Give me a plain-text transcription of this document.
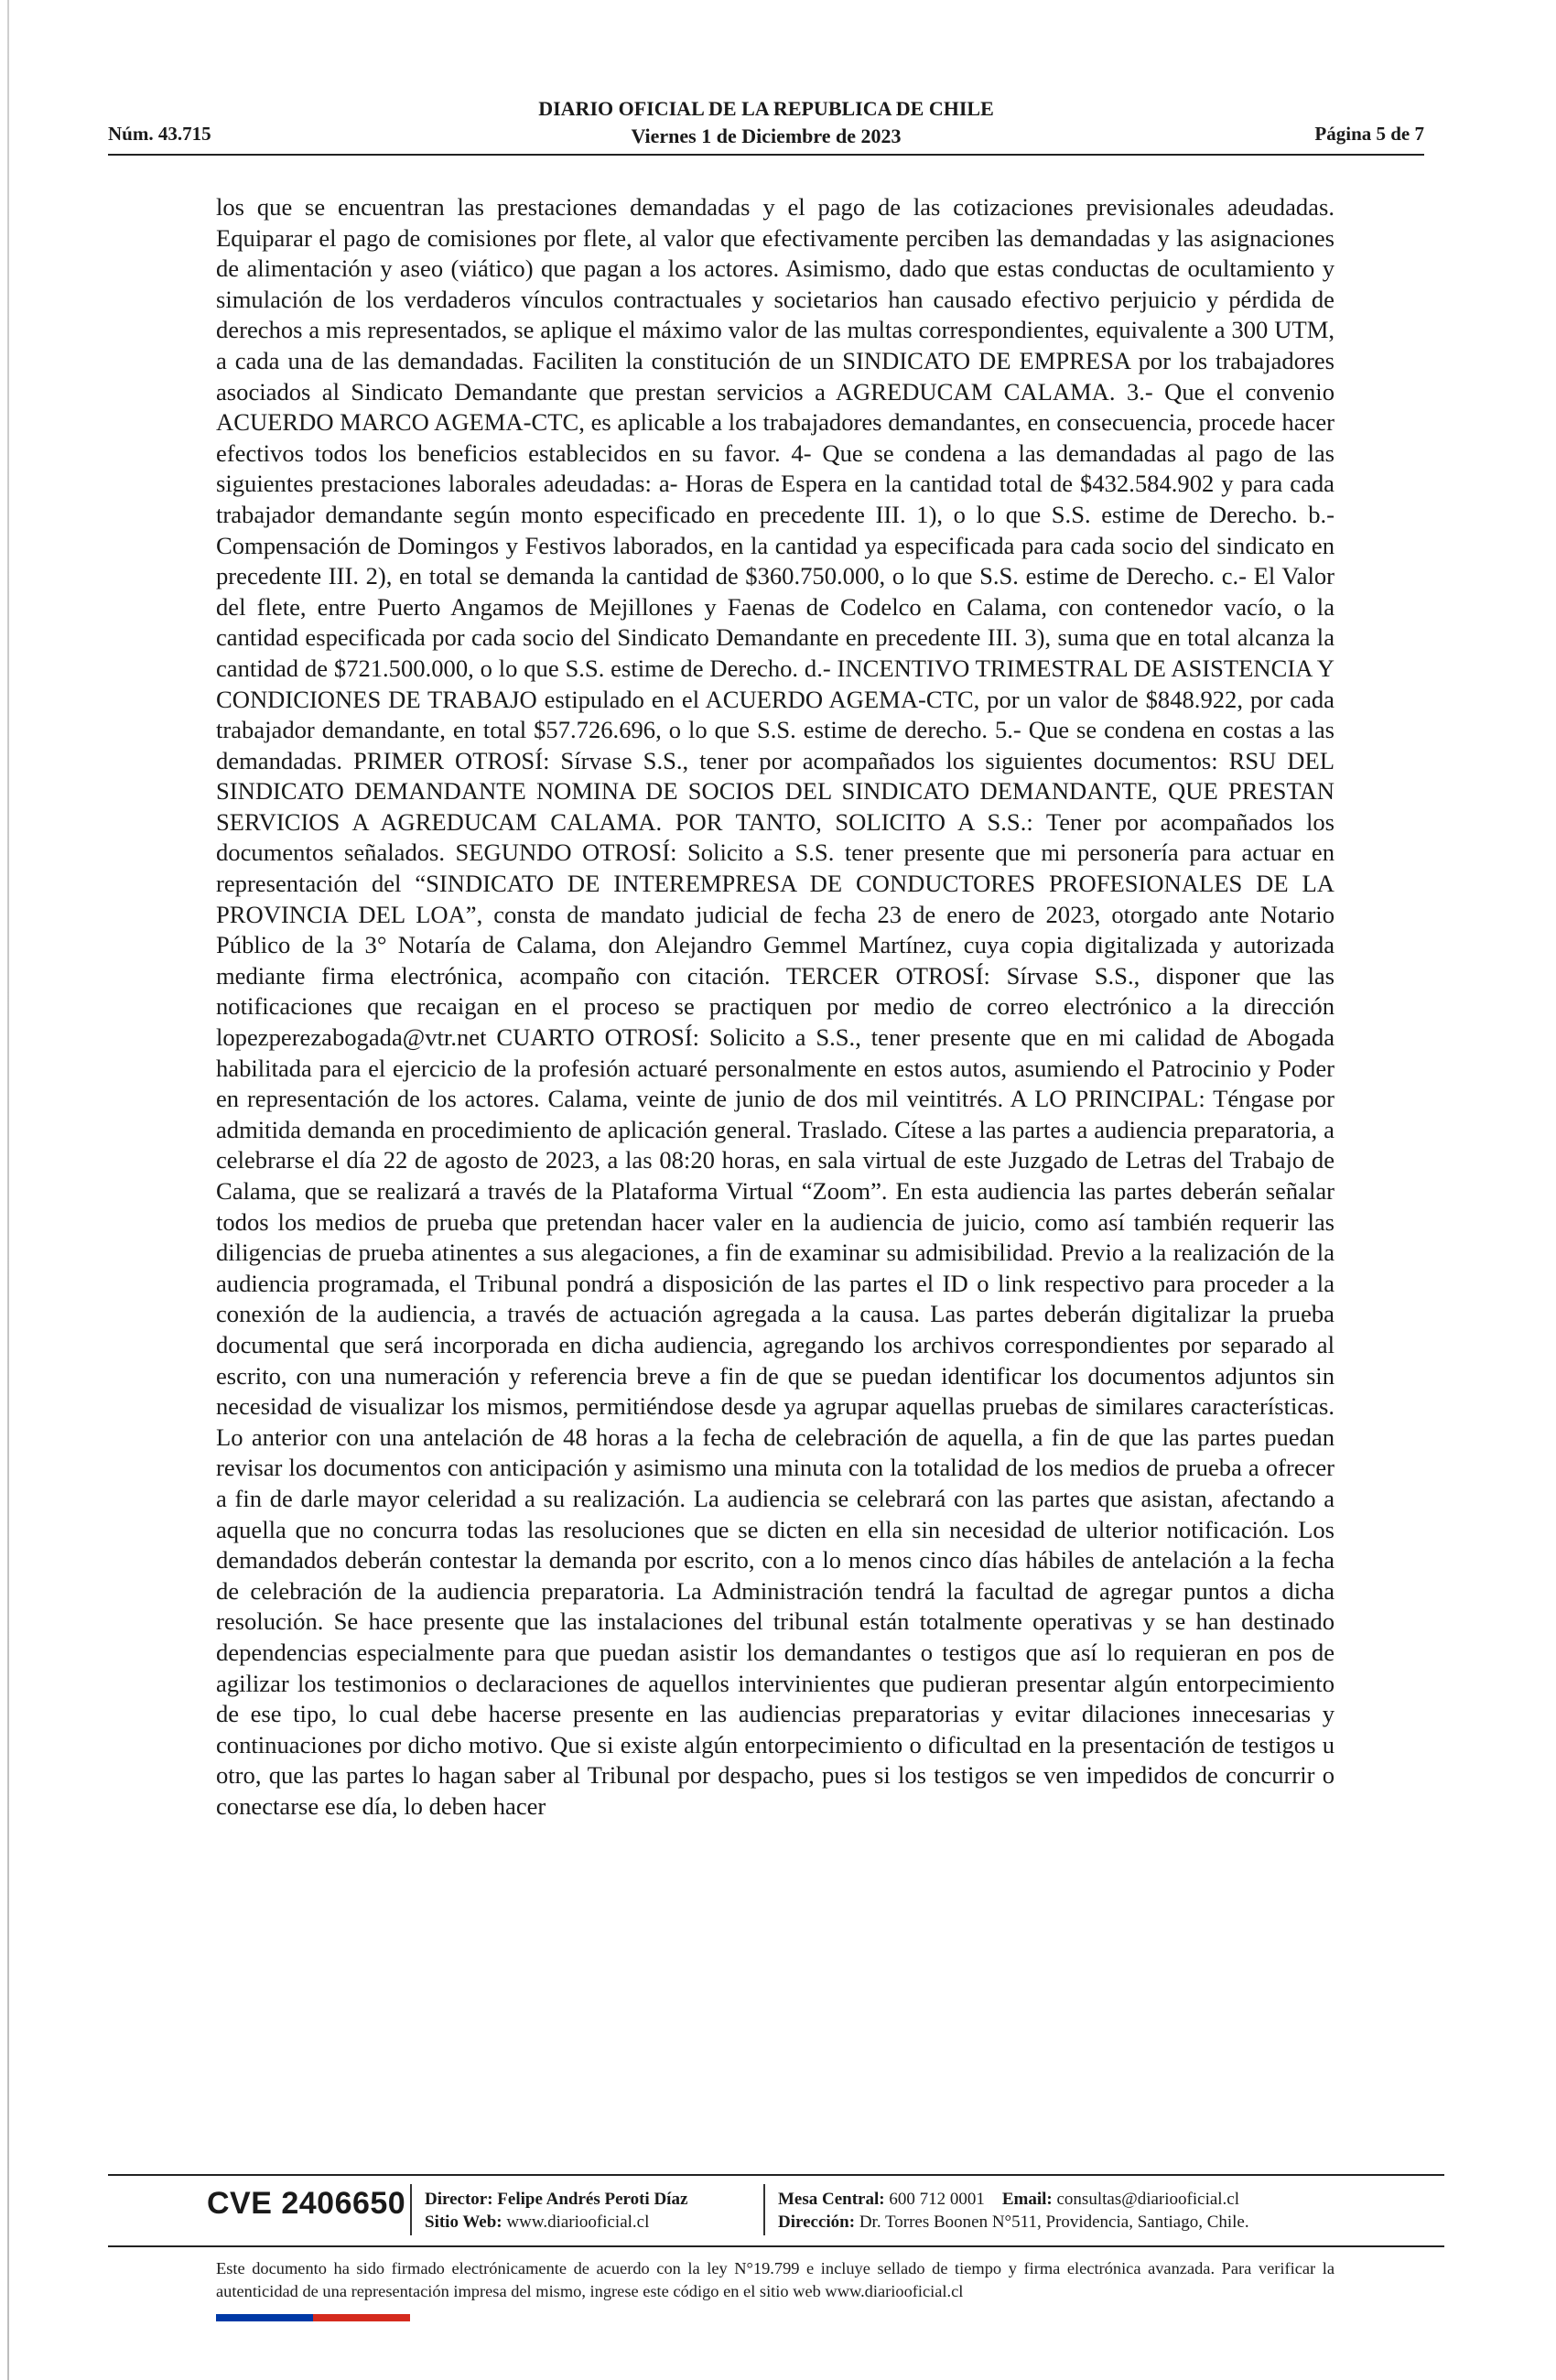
Núm. 43.715
DIARIO OFICIAL DE LA REPUBLICA DE CHILE
Viernes 1 de Diciembre de 2023	Página 5 de 7
los que se encuentran las prestaciones demandadas y el pago de las cotizaciones previsionales adeudadas. Equiparar el pago de comisiones por flete, al valor que efectivamente perciben las demandadas y las asignaciones de alimentación y aseo (viático) que pagan a los actores. Asimismo, dado que estas conductas de ocultamiento y simulación de los verdaderos vínculos contractuales y societarios han causado efectivo perjuicio y pérdida de derechos a mis representados, se aplique el máximo valor de las multas correspondientes, equivalente a 300 UTM, a cada una de las demandadas. Faciliten la constitución de un SINDICATO DE EMPRESA por los trabajadores asociados al Sindicato Demandante que prestan servicios a AGREDUCAM CALAMA. 3.- Que el convenio ACUERDO MARCO AGEMA-CTC, es aplicable a los trabajadores demandantes, en consecuencia, procede hacer efectivos todos los beneficios establecidos en su favor. 4- Que se condena a las demandadas al pago de las siguientes prestaciones laborales adeudadas: a- Horas de Espera en la cantidad total de $432.584.902 y para cada trabajador demandante según monto especificado en precedente III. 1), o lo que S.S. estime de Derecho. b.- Compensación de Domingos y Festivos laborados, en la cantidad ya especificada para cada socio del sindicato en precedente III. 2), en total se demanda la cantidad de $360.750.000, o lo que S.S. estime de Derecho. c.- El Valor del flete, entre Puerto Angamos de Mejillones y Faenas de Codelco en Calama, con contenedor vacío, o la cantidad especificada por cada socio del Sindicato Demandante en precedente III. 3), suma que en total alcanza la cantidad de $721.500.000, o lo que S.S. estime de Derecho. d.- INCENTIVO TRIMESTRAL DE ASISTENCIA Y CONDICIONES DE TRABAJO estipulado en el ACUERDO AGEMA-CTC, por un valor de $848.922, por cada trabajador demandante, en total $57.726.696, o lo que S.S. estime de derecho. 5.- Que se condena en costas a las demandadas. PRIMER OTROSÍ: Sírvase S.S., tener por acompañados los siguientes documentos: RSU DEL SINDICATO DEMANDANTE NOMINA DE SOCIOS DEL SINDICATO DEMANDANTE, QUE PRESTAN SERVICIOS A AGREDUCAM CALAMA. POR TANTO, SOLICITO A S.S.: Tener por acompañados los documentos señalados. SEGUNDO OTROSÍ: Solicito a S.S. tener presente que mi personería para actuar en representación del “SINDICATO DE INTEREMPRESA DE CONDUCTORES PROFESIONALES DE LA PROVINCIA DEL LOA”, consta de mandato judicial de fecha 23 de enero de 2023, otorgado ante Notario Público de la 3° Notaría de Calama, don Alejandro Gemmel Martínez, cuya copia digitalizada y autorizada mediante firma electrónica, acompaño con citación. TERCER OTROSÍ: Sírvase S.S., disponer que las notificaciones que recaigan en el proceso se practiquen por medio de correo electrónico a la dirección lopezperezabogada@vtr.net CUARTO OTROSÍ: Solicito a S.S., tener presente que en mi calidad de Abogada habilitada para el ejercicio de la profesión actuaré personalmente en estos autos, asumiendo el Patrocinio y Poder en representación de los actores. Calama, veinte de junio de dos mil veintitrés. A LO PRINCIPAL: Téngase por admitida demanda en procedimiento de aplicación general. Traslado. Cítese a las partes a audiencia preparatoria, a celebrarse el día 22 de agosto de 2023, a las 08:20 horas, en sala virtual de este Juzgado de Letras del Trabajo de Calama, que se realizará a través de la Plataforma Virtual “Zoom”. En esta audiencia las partes deberán señalar todos los medios de prueba que pretendan hacer valer en la audiencia de juicio, como así también requerir las diligencias de prueba atinentes a sus alegaciones, a fin de examinar su admisibilidad. Previo a la realización de la audiencia programada, el Tribunal pondrá a disposición de las partes el ID o link respectivo para proceder a la conexión de la audiencia, a través de actuación agregada a la causa. Las partes deberán digitalizar la prueba documental que será incorporada en dicha audiencia, agregando los archivos correspondientes por separado al escrito, con una numeración y referencia breve a fin de que se puedan identificar los documentos adjuntos sin necesidad de visualizar los mismos, permitiéndose desde ya agrupar aquellas pruebas de similares características. Lo anterior con una antelación de 48 horas a la fecha de celebración de aquella, a fin de que las partes puedan revisar los documentos con anticipación y asimismo una minuta con la totalidad de los medios de prueba a ofrecer a fin de darle mayor celeridad a su realización. La audiencia se celebrará con las partes que asistan, afectando a aquella que no concurra todas las resoluciones que se dicten en ella sin necesidad de ulterior notificación. Los demandados deberán contestar la demanda por escrito, con a lo menos cinco días hábiles de antelación a la fecha de celebración de la audiencia preparatoria. La Administración tendrá la facultad de agregar puntos a dicha resolución. Se hace presente que las instalaciones del tribunal están totalmente operativas y se han destinado dependencias especialmente para que puedan asistir los demandantes o testigos que así lo requieran en pos de agilizar los testimonios o declaraciones de aquellos intervinientes que pudieran presentar algún entorpecimiento de ese tipo, lo cual debe hacerse presente en las audiencias preparatorias y evitar dilaciones innecesarias y continuaciones por dicho motivo. Que si existe algún entorpecimiento o dificultad en la presentación de testigos u otro, que las partes lo hagan saber al Tribunal por despacho, pues si los testigos se ven impedidos de concurrir o conectarse ese día, lo deben hacer
CVE 2406650 Director: Felipe Andrés Peroti Díaz
Sitio Web: www.diariooficial.cl
Mesa Central: 600 712 0001 Email: consultas@diariooficial.cl
Dirección: Dr. Torres Boonen N°511, Providencia, Santiago, Chile.
Este documento ha sido firmado electrónicamente de acuerdo con la ley N°19.799 e incluye sellado de tiempo y firma electrónica avanzada. Para verificar la autenticidad de una representación impresa del mismo, ingrese este código en el sitio web www.diariooficial.cl
